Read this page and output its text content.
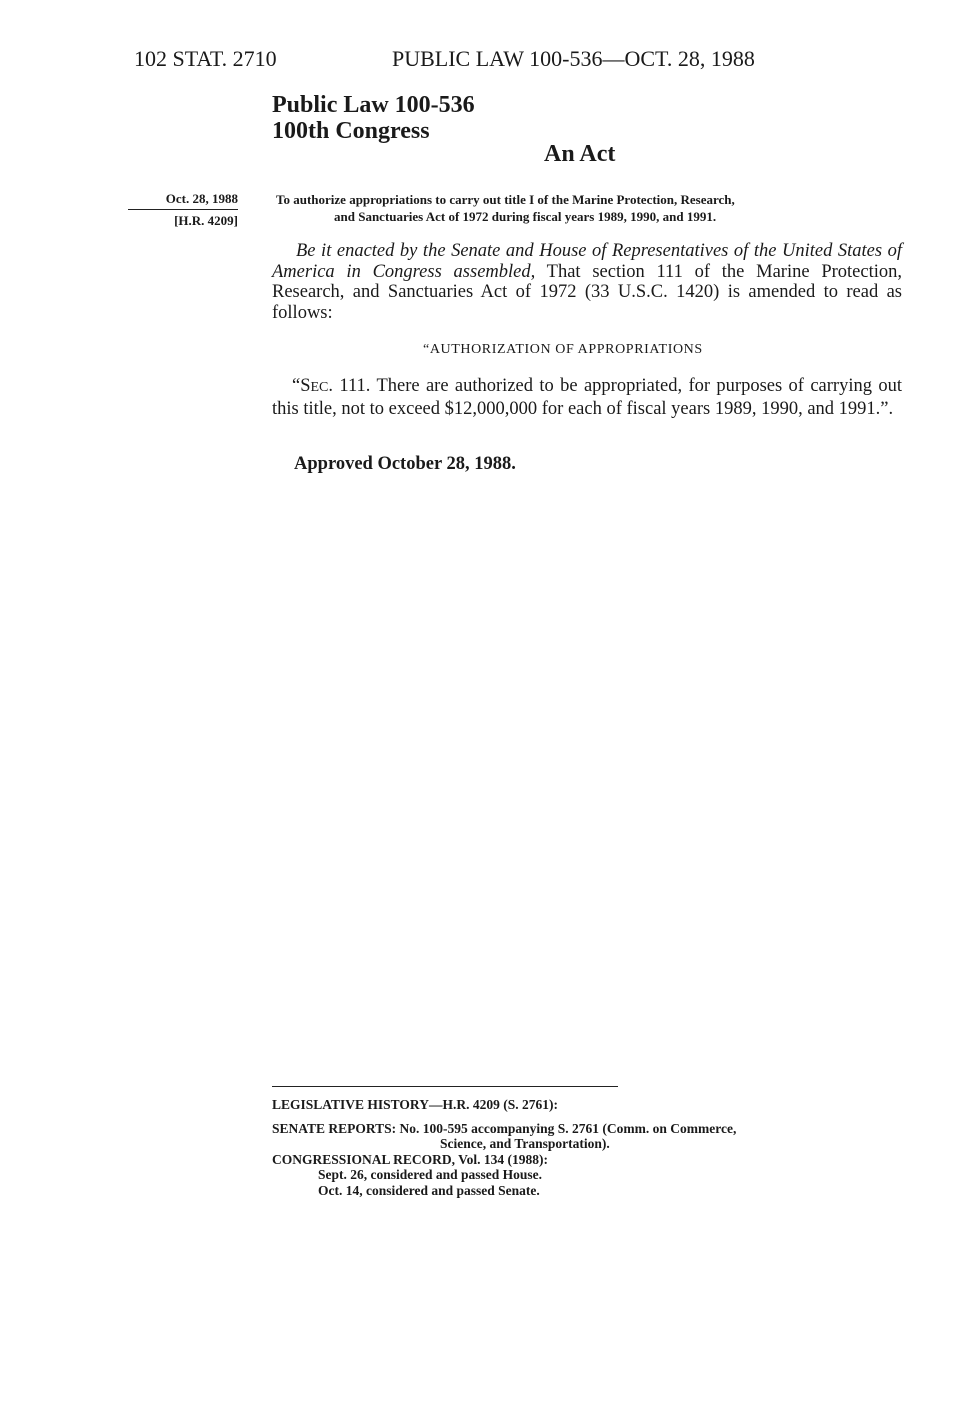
102 STAT. 2710	PUBLIC LAW 100-536—OCT. 28, 1988
Public Law 100-536
100th Congress
An Act
Oct. 28, 1988
[H.R. 4209]
To authorize appropriations to carry out title I of the Marine Protection, Research,
and Sanctuaries Act of 1972 during fiscal years 1989, 1990, and 1991.
Be it enacted by the Senate and House of Representatives of the United States of America in Congress assembled, That section 111 of the Marine Protection, Research, and Sanctuaries Act of 1972 (33 U.S.C. 1420) is amended to read as follows:
“AUTHORIZATION OF APPROPRIATIONS
“SEC. 111. There are authorized to be appropriated, for purposes of carrying out this title, not to exceed $12,000,000 for each of fiscal years 1989, 1990, and 1991.”.
Approved October 28, 1988.
LEGISLATIVE HISTORY—H.R. 4209 (S. 2761):
SENATE REPORTS: No. 100-595 accompanying S. 2761 (Comm. on Commerce,
Science, and Transportation).
CONGRESSIONAL RECORD, Vol. 134 (1988):
Sept. 26, considered and passed House.
Oct. 14, considered and passed Senate.
